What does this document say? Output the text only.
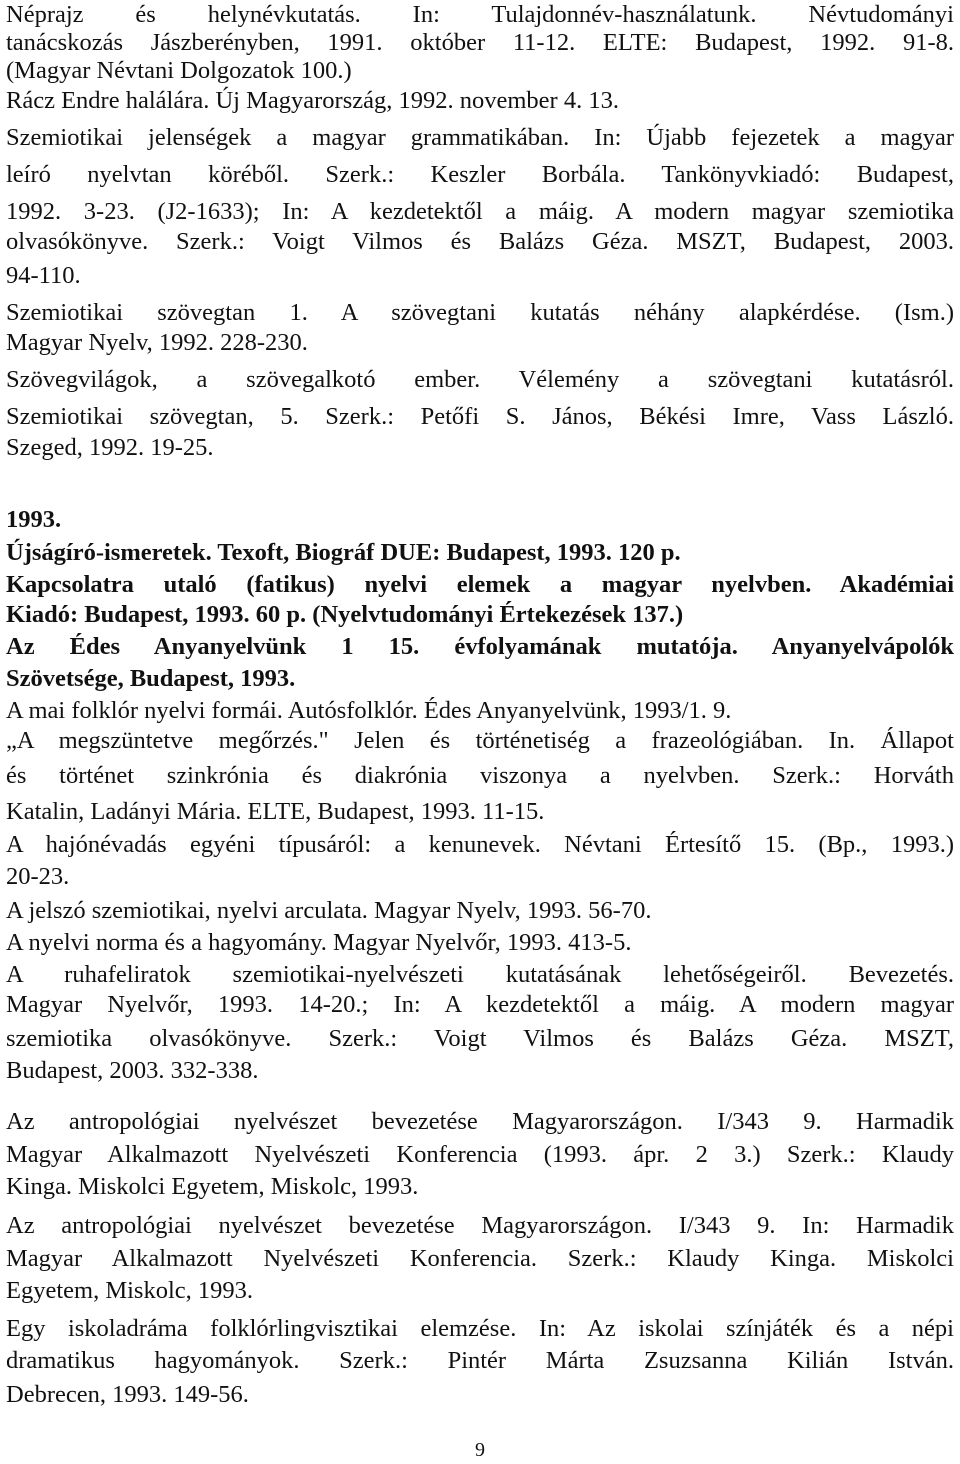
Néprajz és helynévkutatás. In: Tulajdonnév-használatunk. Névtudományi
tanácskozás Jászberényben, 1991. október 11-12. ELTE: Budapest, 1992. 91-8.
(Magyar Névtani Dolgozatok 100.)
Rácz Endre halálára. Új Magyarország, 1992. november 4. 13.
Szemiotikai jelenségek a magyar grammatikában. In: Újabb fejezetek a magyar
leíró nyelvtan köréből. Szerk.: Keszler Borbála. Tankönyvkiadó: Budapest,
1992. 3-23. (J2-1633); In: A kezdetektől a máig. A modern magyar szemiotika
olvasókönyve. Szerk.: Voigt Vilmos és Balázs Géza. MSZT, Budapest, 2003.
94-110.
Szemiotikai szövegtan 1. A szövegtani kutatás néhány alapkérdése. (Ism.)
Magyar Nyelv, 1992. 228-230.
Szövegvilágok, a szövegalkotó ember. Vélemény a szövegtani kutatásról.
Szemiotikai szövegtan, 5. Szerk.: Petőfi S. János, Békési Imre, Vass László.
Szeged, 1992. 19-25.
1993.
Újságíró-ismeretek. Texoft, Biográf DUE: Budapest, 1993. 120 p.
Kapcsolatra utaló (fatikus) nyelvi elemek a magyar nyelvben. Akadémiai
Kiadó: Budapest, 1993. 60 p. (Nyelvtudományi Értekezések 137.)
Az Édes Anyanyelvünk 1 15. évfolyamának mutatója. Anyanyelvápolók
Szövetsége, Budapest, 1993.
A mai folklór nyelvi formái. Autósfolklór. Édes Anyanyelvünk, 1993/1. 9.
„A megszüntetve megőrzés." Jelen és történetiség a frazeológiában. In. Állapot
és történet szinkrónia és diakrónia viszonya a nyelvben. Szerk.: Horváth
Katalin, Ladányi Mária. ELTE, Budapest, 1993. 11-15.
A hajónévadás egyéni típusáról: a kenunevek. Névtani Értesítő 15. (Bp., 1993.)
20-23.
A jelszó szemiotikai, nyelvi arculata. Magyar Nyelv, 1993. 56-70.
A nyelvi norma és a hagyomány. Magyar Nyelvőr, 1993. 413-5.
A ruhafeliratok szemiotikai-nyelvészeti kutatásának lehetőségeiről. Bevezetés.
Magyar Nyelvőr, 1993. 14-20.; In: A kezdetektől a máig. A modern magyar
szemiotika olvasókönyve. Szerk.: Voigt Vilmos és Balázs Géza. MSZT,
Budapest, 2003. 332-338.
Az antropológiai nyelvészet bevezetése Magyarországon. I/343 9. Harmadik
Magyar Alkalmazott Nyelvészeti Konferencia (1993. ápr. 2 3.) Szerk.: Klaudy
Kinga. Miskolci Egyetem, Miskolc, 1993.
Az antropológiai nyelvészet bevezetése Magyarországon. I/343 9. In: Harmadik
Magyar Alkalmazott Nyelvészeti Konferencia. Szerk.: Klaudy Kinga. Miskolci
Egyetem, Miskolc, 1993.
Egy iskoladráma folklórlingvisztikai elemzése. In: Az iskolai színjáték és a népi
dramatikus hagyományok. Szerk.: Pintér Márta Zsuzsanna Kilián István.
Debrecen, 1993. 149-56.
9
